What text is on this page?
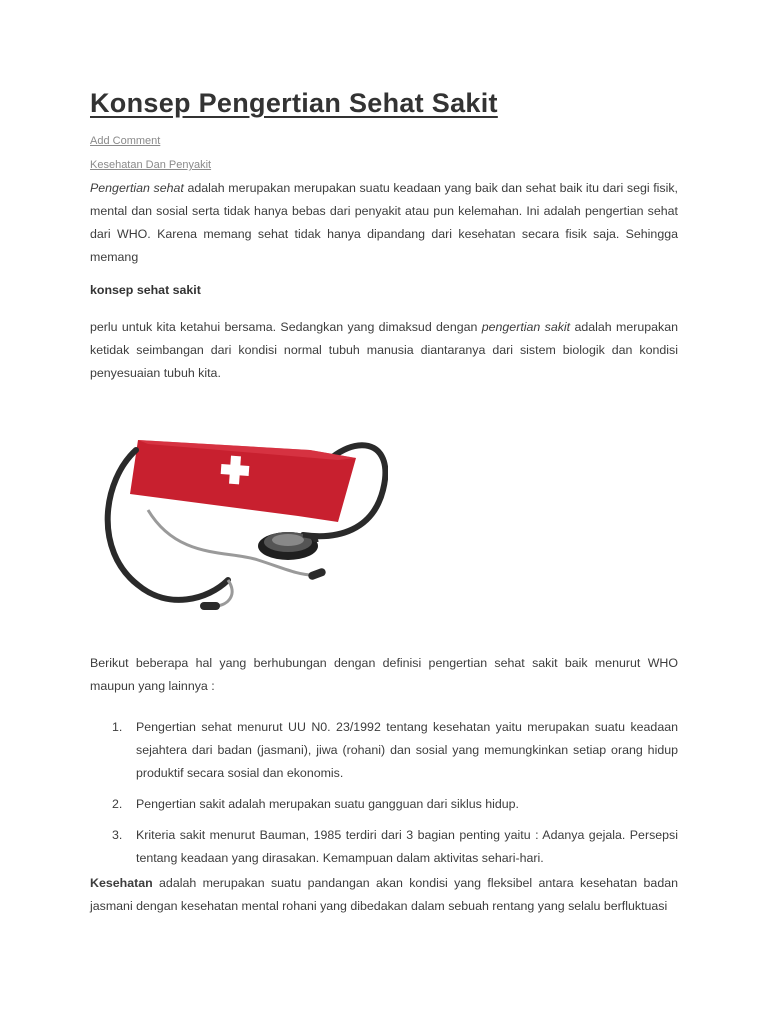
Konsep Pengertian Sehat Sakit
Add Comment
Kesehatan Dan Penyakit

Pengertian sehat adalah merupakan merupakan suatu keadaan yang baik dan sehat baik itu dari segi fisik, mental dan sosial serta tidak hanya bebas dari penyakit atau pun kelemahan. Ini adalah pengertian sehat dari WHO. Karena memang sehat tidak hanya dipandang dari kesehatan secara fisik saja. Sehingga memang

konsep sehat sakit

perlu untuk kita ketahui bersama. Sedangkan yang dimaksud dengan pengertian sakit adalah merupakan ketidak seimbangan dari kondisi normal tubuh manusia diantaranya dari sistem biologik dan kondisi penyesuaian tubuh kita.

Berikut beberapa hal yang berhubungan dengan definisi pengertian sehat sakit baik menurut WHO maupun yang lainnya :

1. Pengertian sehat menurut UU N0. 23/1992 tentang kesehatan yaitu merupakan suatu keadaan sejahtera dari badan (jasmani), jiwa (rohani) dan sosial yang memungkinkan setiap orang hidup produktif secara sosial dan ekonomis.
2. Pengertian sakit adalah merupakan suatu gangguan dari siklus hidup.
3. Kriteria sakit menurut Bauman, 1985 terdiri dari 3 bagian penting yaitu : Adanya gejala. Persepsi tentang keadaan yang dirasakan. Kemampuan dalam aktivitas sehari-hari.

Kesehatan adalah merupakan suatu pandangan akan kondisi yang fleksibel antara kesehatan badan jasmani dengan kesehatan mental rohani yang dibedakan dalam sebuah rentang yang selalu berfluktuasi
